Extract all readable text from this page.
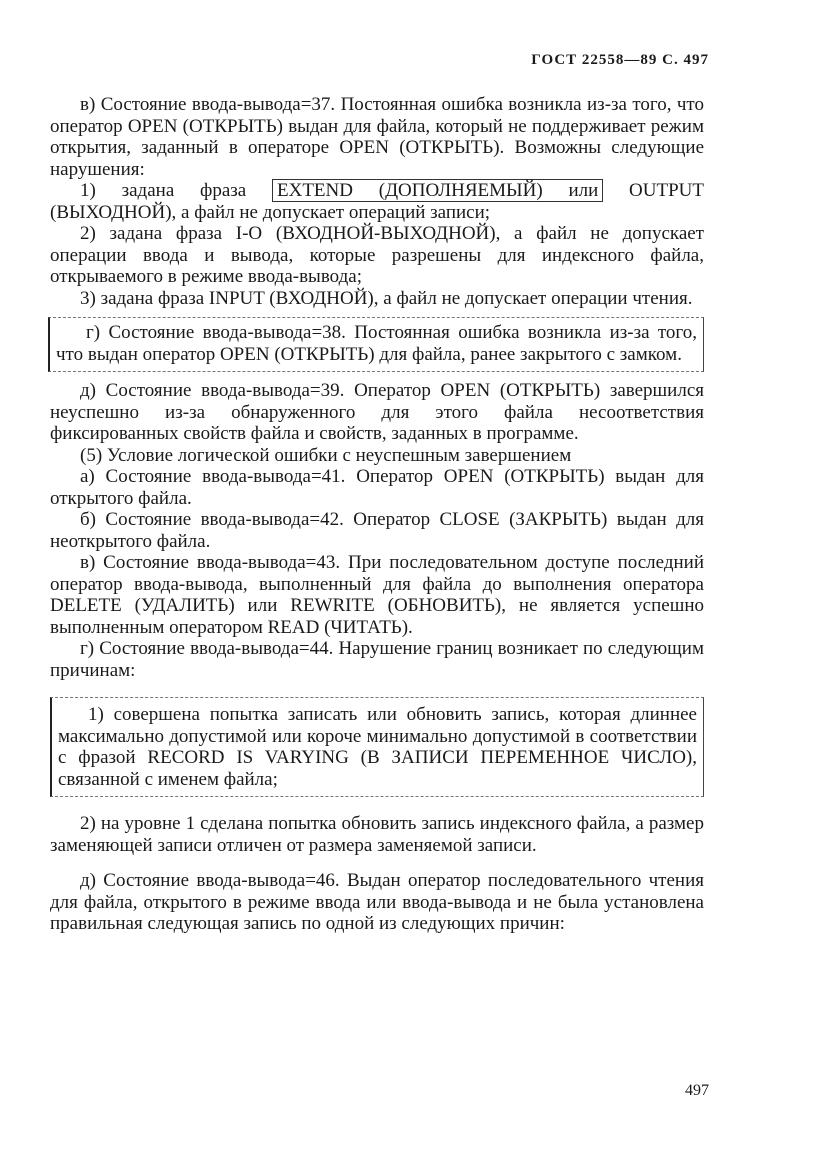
ГОСТ 22558—89 С. 497

в) Состояние ввода-вывода=37. Постоянная ошибка возникла из-за того, что оператор OPEN (ОТКРЫТЬ) выдан для файла, который не поддерживает режим открытия, заданный в операторе OPEN (ОТКРЫТЬ). Возможны следующие нарушения:

1) задана фраза EXTEND (ДОПОЛНЯЕМЫЙ) или OUTPUT (ВЫХОДНОЙ), а файл не допускает операций записи;

2) задана фраза I-O (ВХОДНОЙ-ВЫХОДНОЙ), а файл не допускает операции ввода и вывода, которые разрешены для индексного файла, открываемого в режиме ввода-вывода;

3) задана фраза INPUT (ВХОДНОЙ), а файл не допускает операции чтения.

г) Состояние ввода-вывода=38. Постоянная ошибка возникла из-за того, что выдан оператор OPEN (ОТКРЫТЬ) для файла, ранее закрытого с замком.

д) Состояние ввода-вывода=39. Оператор OPEN (ОТКРЫТЬ) завершился неуспешно из-за обнаруженного для этого файла несоответствия фиксированных свойств файла и свойств, заданных в программе.

(5) Условие логической ошибки с неуспешным завершением

а) Состояние ввода-вывода=41. Оператор OPEN (ОТКРЫТЬ) выдан для открытого файла.

б) Состояние ввода-вывода=42. Оператор CLOSE (ЗАКРЫТЬ) выдан для неоткрытого файла.

в) Состояние ввода-вывода=43. При последовательном доступе последний оператор ввода-вывода, выполненный для файла до выполнения оператора DELETE (УДАЛИТЬ) или REWRITE (ОБНОВИТЬ), не является успешно выполненным оператором READ (ЧИТАТЬ).

г) Состояние ввода-вывода=44. Нарушение границ возникает по следующим причинам:

1) совершена попытка записать или обновить запись, которая длиннее максимально допустимой или короче минимально допустимой в соответствии с фразой RECORD IS VARYING (В ЗАПИСИ ПЕРЕМЕННОЕ ЧИСЛО), связанной с именем файла;

2) на уровне 1 сделана попытка обновить запись индексного файла, а размер заменяющей записи отличен от размера заменяемой записи.

д) Состояние ввода-вывода=46. Выдан оператор последовательного чтения для файла, открытого в режиме ввода или ввода-вывода и не была установлена правильная следующая запись по одной из следующих причин:

497
